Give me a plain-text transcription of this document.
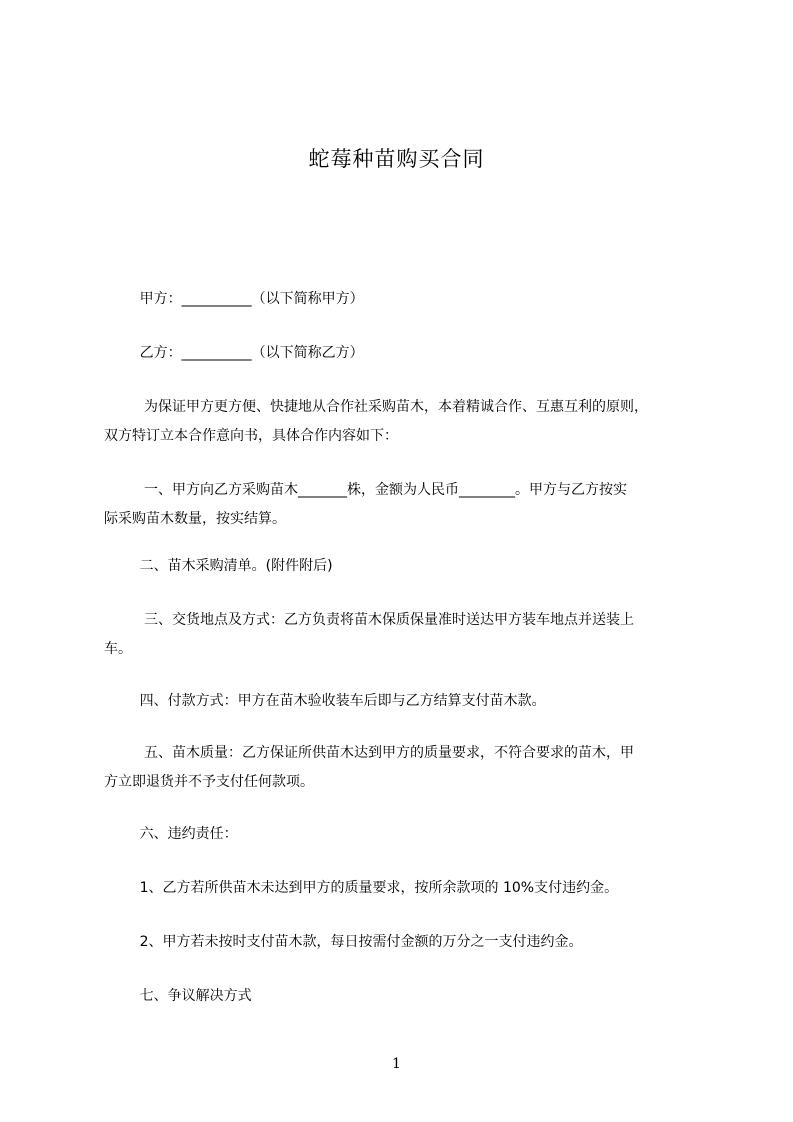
蛇莓种苗购买合同
甲方：__________（以下简称甲方）
乙方：__________（以下简称乙方）
为保证甲方更方便、快捷地从合作社采购苗木，本着精诚合作、互惠互利的原则，
双方特订立本合作意向书，具体合作内容如下：
一、甲方向乙方采购苗木_______株，金额为人民币________。甲方与乙方按实
际采购苗木数量，按实结算。
二、苗木采购清单。(附件附后)
三、交货地点及方式：乙方负责将苗木保质保量准时送达甲方装车地点并送装上
车。
四、付款方式：甲方在苗木验收装车后即与乙方结算支付苗木款。
五、苗木质量：乙方保证所供苗木达到甲方的质量要求，不符合要求的苗木，甲
方立即退货并不予支付任何款项。
六、违约责任：
1、乙方若所供苗木未达到甲方的质量要求，按所余款项的 10%支付违约金。
2、甲方若未按时支付苗木款，每日按需付金额的万分之一支付违约金。
七、争议解决方式
1
